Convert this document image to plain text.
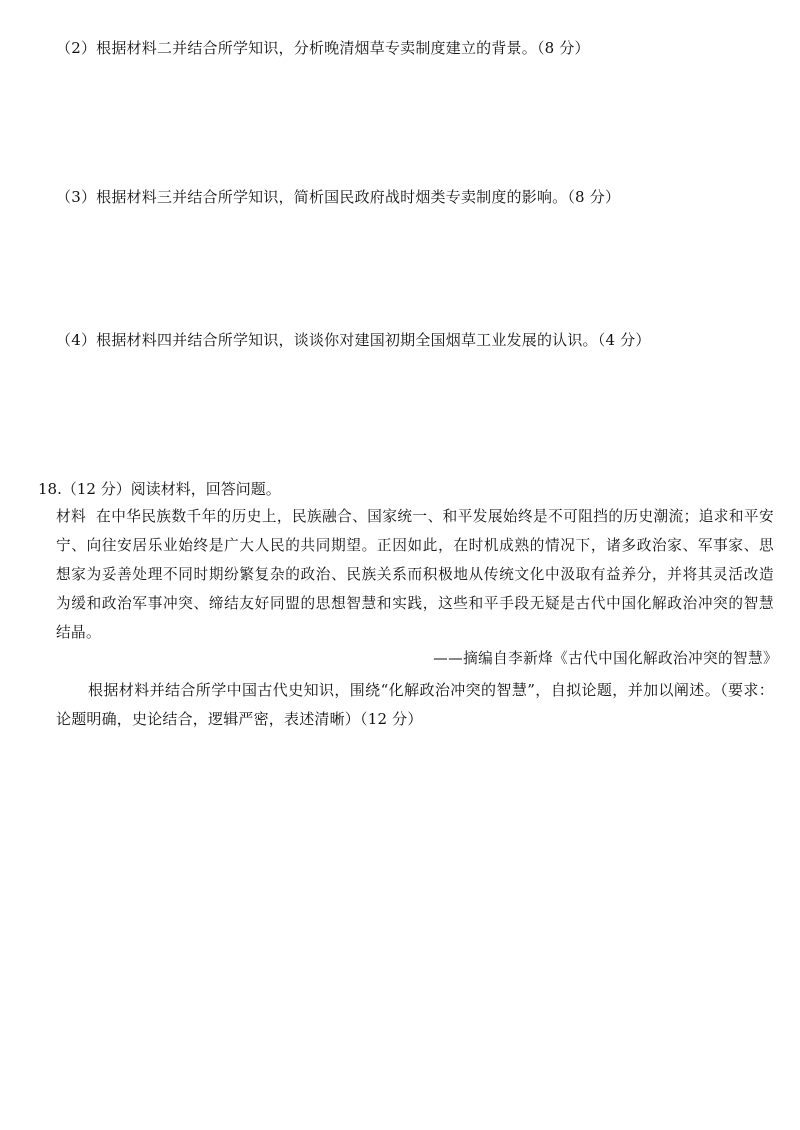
（2）根据材料二并结合所学知识，分析晚清烟草专卖制度建立的背景。（8 分）
（3）根据材料三并结合所学知识，简析国民政府战时烟类专卖制度的影响。（8 分）
（4）根据材料四并结合所学知识，谈谈你对建国初期全国烟草工业发展的认识。（4 分）
18.（12 分）阅读材料，回答问题。
材料 在中华民族数千年的历史上，民族融合、国家统一、和平发展始终是不可阻挡的历史潮流；追求和平安宁、向往安居乐业始终是广大人民的共同期望。正因如此，在时机成熟的情况下，诸多政治家、军事家、思想家为妥善处理不同时期纷繁复杂的政治、民族关系而积极地从传统文化中汲取有益养分，并将其灵活改造为缓和政治军事冲突、缔结友好同盟的思想智慧和实践，这些和平手段无疑是古代中国化解政治冲突的智慧结晶。
——摘编自李新烽《古代中国化解政治冲突的智慧》
根据材料并结合所学中国古代史知识，围绕“化解政治冲突的智慧”，自拟论题，并加以阐述。（要求：论题明确，史论结合，逻辑严密，表述清晰）（12 分）
